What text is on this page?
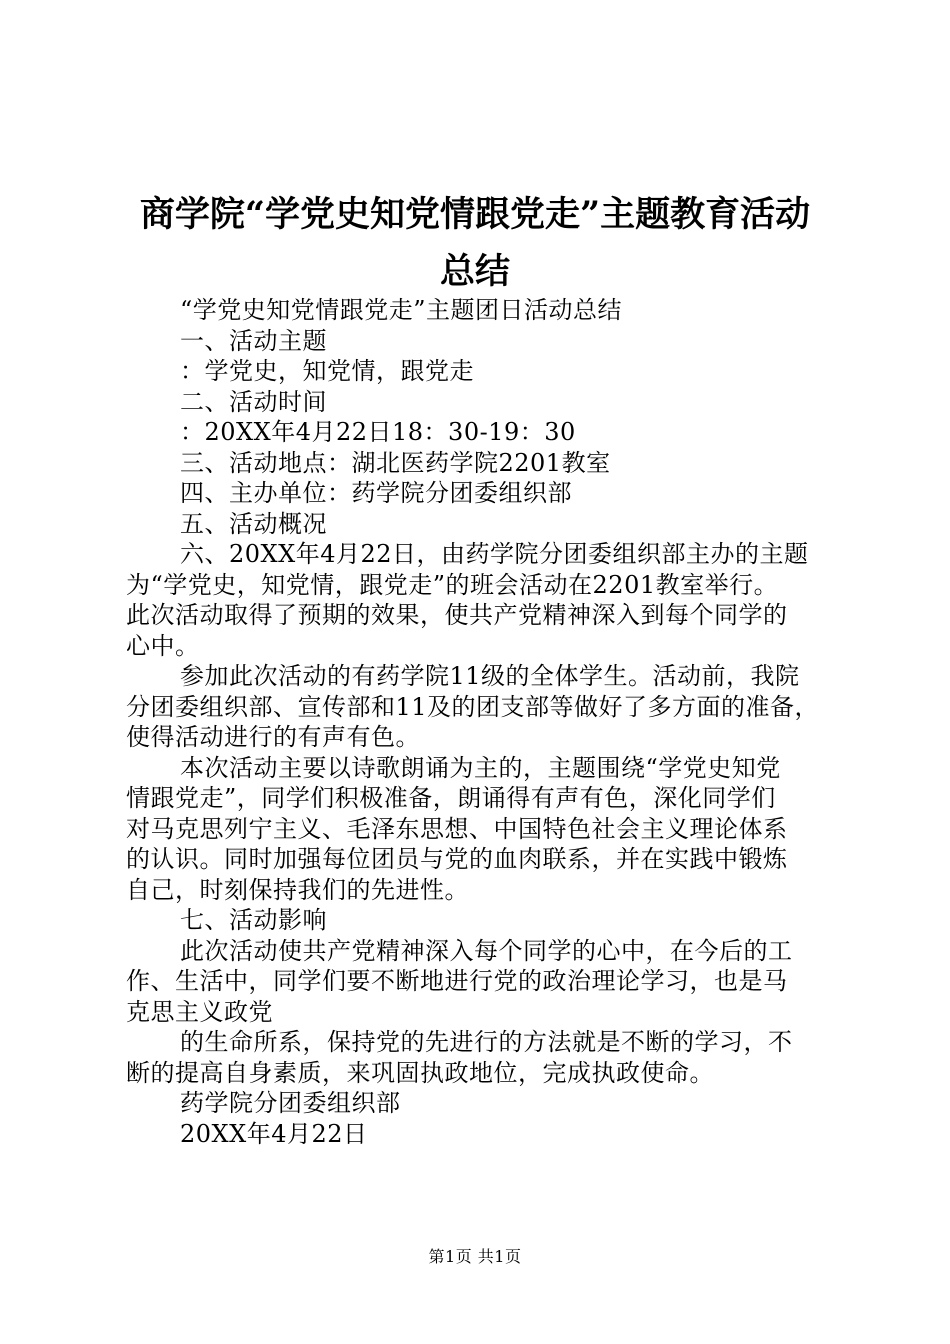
商学院“学党史知党情跟党走”主题教育活动
总结
“学党史知党情跟党走”主题团日活动总结
一、活动主题
：学党史，知党情，跟党走
二、活动时间
：20XX年4月22日18：30-19：30
三、活动地点：湖北医药学院2201教室
四、主办单位：药学院分团委组织部
五、活动概况
六、20XX年4月22日，由药学院分团委组织部主办的主题
为“学党史，知党情，跟党走”的班会活动在2201教室举行。
此次活动取得了预期的效果，使共产党精神深入到每个同学的
心中。
参加此次活动的有药学院11级的全体学生。活动前，我院
分团委组织部、宣传部和11及的团支部等做好了多方面的准备，
使得活动进行的有声有色。
本次活动主要以诗歌朗诵为主的，主题围绕“学党史知党
情跟党走”，同学们积极准备，朗诵得有声有色，深化同学们
对马克思列宁主义、毛泽东思想、中国特色社会主义理论体系
的认识。同时加强每位团员与党的血肉联系，并在实践中锻炼
自己，时刻保持我们的先进性。
七、活动影响
此次活动使共产党精神深入每个同学的心中，在今后的工
作、生活中，同学们要不断地进行党的政治理论学习，也是马
克思主义政党
的生命所系，保持党的先进行的方法就是不断的学习，不
断的提高自身素质，来巩固执政地位，完成执政使命。
药学院分团委组织部
20XX年4月22日
第1页 共1页
